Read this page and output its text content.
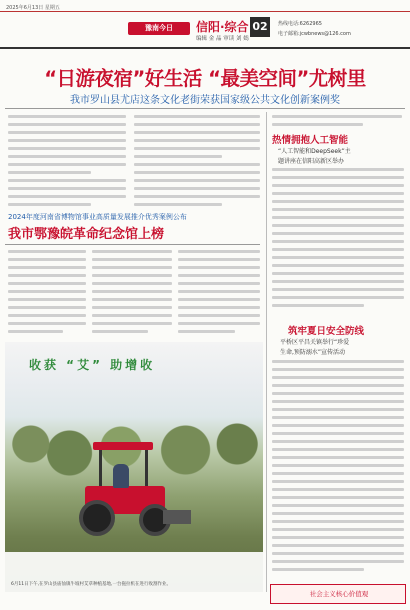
2025年6月13日 星期五
豫南今日	信阳·综合
编辑 金 晶 审读 刘 嫣
02	热线电话:6262965
电子邮箱:jcwbnews@126.com
“日游夜宿”好生活 “最美空间”尤树里
我市罗山县尤店这条文化老街荣获国家级公共文化创新案例奖
2024年度河南省博物馆事业高质量发展推介优秀案例公布
我市鄂豫皖革命纪念馆上榜
收获 “艾” 助增收
6月11日下午,在罗山县庙仙镇牛坡村艾草种植基地,一台拖拉机在进行收割作业。
热情拥抱人工智能
“人工智能和DeepSeek”主
题讲座在信阳高新区举办
筑牢夏日安全防线
平桥区平昌关镇举行“珍爱
生命,预防溺水”宣传活动
社会主义核心价值观
